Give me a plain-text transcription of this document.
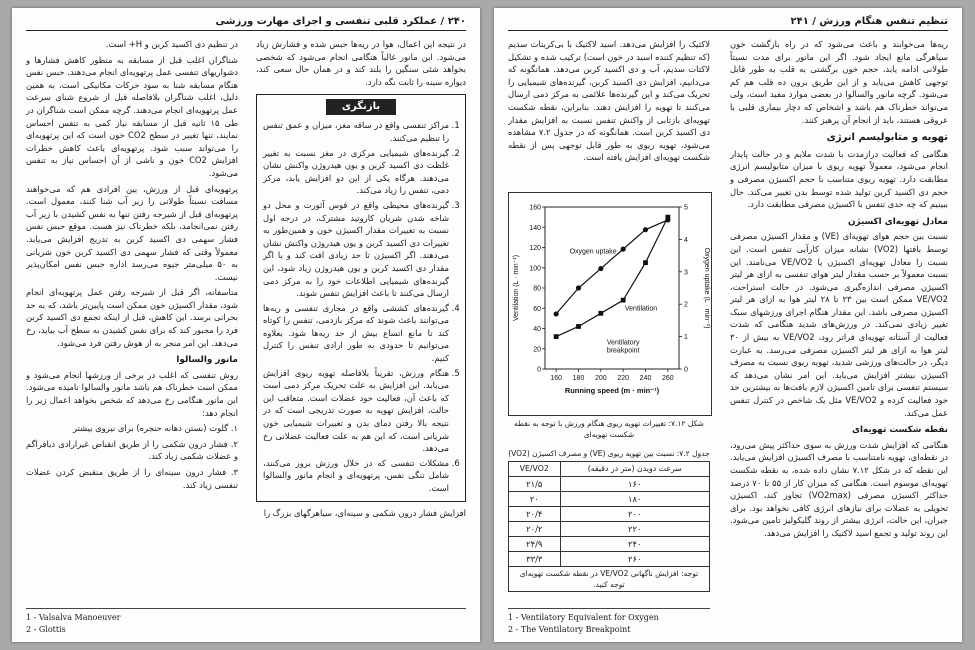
۲۴۰ / عملکرد قلبی تنفسی و اجرای مهارت ورزشی

در نتیجه این اعمال، هوا در ریه‌ها حبس شده و فشارش زیاد می‌شود. این مانور غالباً هنگامی انجام می‌شود که شخصی بخواهد شئی سنگین را بلند کند و در همان حال سعی کند، دیواره سینه را ثابت نگه دارد.

بازنگری
1. مراکز تنفسی واقع در ساقه مغز، میزان و عمق تنفس را تنظیم می‌کنند.
2. گیرنده‌های شیمیایی مرکزی در مغز نسبت به تغییر غلظت دی اکسید کربن و یون هیدروژن واکنش نشان می‌دهند. هرگاه یکی از این دو افزایش یابد، مرکز دمی، تنفس را زیاد می‌کند.
3. گیرنده‌های محیطی واقع در قوس آئورت و محل دو شاخه شدن شریان کاروتید مشترک، در درجه اول نسبت به تغییرات مقدار اکسیژن خون و همین‌طور به تغییرات دی اکسید کربن و یون هیدروژن واکنش نشان می‌دهند. اگر اکسیژن تا حد زیادی افت کند و یا اگر مقدار دی اکسید کربن و یون هیدروژن زیاد شود، این گیرنده‌های شیمیایی اطلاعات خود را به مرکز دمی ارسال می‌کنند تا باعث افزایش تنفس شوند.
4. گیرنده‌های کششی واقع در مجاری تنفسی و ریه‌ها می‌توانند باعث شوند که مرکز بازدمی، تنفس را کوتاه کند تا مانع اتساع بیش از حد ریه‌ها شود. بعلاوه می‌توانیم تا حدودی به طور ارادی تنفس را کنترل کنیم.
5. هنگام ورزش، تقریباً بلافاصله تهویه ریوی افزایش می‌یابد. این افزایش به علت تحریک مرکز دمی است که باعث آن، فعالیت خود عضلات است. متعاقب این حالت، افزایش تهویه به صورت تدریجی است که در نتیجه بالا رفتن دمای بدن و تغییرات شیمیایی خون شریانی است، که این هم به علت فعالیت عضلانی رخ می‌دهد.
6. مشکلات تنفسی که در خلال ورزش بروز می‌کنند، شامل تنگی نفس، پرتهویه‌ای و انجام مانور والسالوا است.

افزایش فشار درون شکمی و سینه‌ای، سیاهرگهای بزرگ را

در تنظیم دی اکسید کربن و H+ است.

شناگران اغلب قبل از مسابقه به منظور کاهش فشارها و دشواریهای تنفسی عمل پرتهویه‌ای انجام می‌دهند. حبس نفس هنگام مسابقه شنا به سود حرکات مکانیکی است، به همین دلیل، اغلب شناگران بلافاصله قبل از شروع شنای سرعت عمل پرتهویه‌ای انجام می‌دهند. گرچه ممکن است شناگران در طی ۱۵ ثانیه قبل از مسابقه نیاز کمی به تنفس احساس نمایند، تنها تغییر در سطح CO2 خون است که این پرتهویه‌ای را می‌تواند سبب شود. پرتهویه‌ای باعث کاهش خطرات افزایش CO2 خون و ناشی از آن احساس نیاز به تنفس می‌شود.

پرتهویه‌ای قبل از ورزش، بین افرادی هم که می‌خواهند مسافت نسبتاً طولانی را زیر آب شنا کنند، معمول است. پرتهویه‌ای قبل از شیرجه رفتن تنها به نفس کشیدن با زیر آب رفتن نمی‌انجامد، بلکه خطرناک نیز هست. موقع حبس نفس فشار سهمی دی اکسید کربن به تدریج افزایش می‌یابد. معمولاً وقتی که فشار سهمی دی اکسید کربن خون شریانی به ۵۰ میلی‌متر جیوه می‌رسد اداره حبس نفس امکان‌پذیر نیست.

متاسفانه، اگر قبل از شیرجه رفتن عمل پرتهویه‌ای انجام شود، مقدار اکسیژن خون ممکن است پایین‌تر باشد، که به حد بحرانی برسد. این کاهش، قبل از اینکه تجمع دی اکسید کربن فرد را مجبور کند که برای نفس کشیدن به سطح آب بیاید، رخ می‌دهد. این امر منجر به از هوش رفتن فرد می‌شود.

مانور والسالوا

روش تنفسی که اغلب در برخی از ورزشها انجام می‌شود و ممکن است خطرناک هم باشد مانور والسالوا نامیده می‌شود. این مانور هنگامی رخ می‌دهد که شخص بخواهد اعمال زیر را انجام دهد:

۱. گلوت (بستن دهانه حنجره) برای نیروی بیشتر

۲. فشار درون شکمی را از طریق انقباض غیرارادی دیافراگم و عضلات شکمی زیاد کند.

۳. فشار درون سینه‌ای را از طریق منقبض کردن عضلات تنفسی زیاد کند.

1 - Valsalva Manoeuver
2 - Glottis
تنظیم تنفس هنگام ورزش / ۲۴۱

ریه‌ها می‌خوابند و باعث می‌شود که در راه بازگشت خون سیاهرگی مانع ایجاد شود. اگر این مانور برای مدت نسبتاً طولانی ادامه یابد، حجم خون برگشتی به قلب به طور قابل توجهی کاهش می‌یابد و از این طریق برون ده قلب هم کم می‌شود. گرچه مانور والسالوا در بعضی موارد مفید است، ولی می‌تواند خطرناک هم باشد و اشخاص که دچار بیماری قلبی یا عروقی هستند، باید از انجام آن پرهیز کنند.

تهویه و متابولیسم انرژی

هنگامی که فعالیت درازمدت با شدت ملایم و در حالت پایدار انجام می‌شود، معمولاً تهویه ریوی با میزان متابولیسم انرژی مطابقت دارد. تهویه ریوی متناسب با حجم اکسیژن مصرفی و حجم دی اکسید کربن تولید شده توسط بدن تغییر می‌کند. حال ببینیم که چه حدی تنفس با اکسیژن مصرفی مطابقت دارد.

معادل تهویه‌ای اکسیژن

نسبت بین حجم هوای تهویه‌ای (VE) و مقدار اکسیژن مصرفی توسط بافتها (VO2) نشانه میزان کارآیی تنفس است. این نسبت را معادل تهویه‌ای اکسیژن یا VE/VO2 می‌نامند. این نسبت معمولاً بر حسب مقدار لیتر هوای تنفسی به ازای هر لیتر اکسیژن مصرفی اندازه‌گیری می‌شود. در حالت استراحت، VE/VO2 ممکن است بین ۲۳ تا ۲۸ لیتر هوا به ازای هر لیتر اکسیژن مصرفی باشد. این مقدار هنگام اجرای ورزشهای سبک تغییر زیادی نمی‌کند. در ورزش‌های شدید هنگامی که شدت فعالیت از آستانه تهویه‌ای فراتر رود، VE/VO2 به بیش از ۳۰ لیتر هوا به ازای هر لیتر اکسیژن مصرفی می‌رسد. به عبارت دیگر، در حالت‌های ورزشی شدید، تهویه ریوی نسبت به مصرف اکسیژن بیشتر افزایش می‌یابد. این امر نشان می‌دهد که سیستم تنفسی برای تامین اکسیژن لازم بافت‌ها به بیشترین حد خود فعالیت کرده و VE/VO2 مثل یک شاخص در کنترل تنفس عمل می‌کند.

نقطه شکست تهویه‌ای

هنگامی که افزایش شدت ورزش به سوی حداکثر پیش می‌رود، در نقطه‌ای، تهویه نامتناسب با مصرف اکسیژن افزایش می‌یابد. این نقطه که در شکل ۷.۱۲ نشان داده شده، به نقطه شکست تهویه‌ای موسوم است. هنگامی که میزان کار از ۵۵ تا ۷۰ درصد حداکثر اکسیژن مصرفی (VO2max) تجاوز کند، اکسیژن تحویلی به عضلات برای نیازهای انرژی کافی نخواهد بود. برای جبران، این حالت، انرژی بیشتر از روند گلیکولیز تامین می‌شود. این روند تولید و تجمع اسید لاکتیک را افزایش می‌دهد.

لاکتیک را افزایش می‌دهد. اسید لاکتیک با بی‌کربنات سدیم (که تنظیم کننده اسید در خون است) ترکیب شده و تشکیل لاکتات سدیم، آب و دی اکسید کربن می‌دهد. همانگونه که می‌دانیم، افزایش دی اکسید کربن، گیرنده‌های شیمیایی را تحریک می‌کند و این گیرنده‌ها علائمی به مرکز دمی ارسال می‌کنند تا تهویه را افزایش دهند. بنابراین، نقطه شکست تهویه‌ای بازتابی از واکنش تنفس نسبت به افزایش مقدار دی اکسید کربن است. همانگونه که در جدول ۷.۲ مشاهده می‌شود، تهویه ریوی به طور قابل توجهی پس از نقطه شکست تهویه‌ای افزایش یافته است.

0
20
40
60
80
100
120
140
160
0
1
2
3
4
5
160 180 200 220 240 260
Running speed (m · min⁻¹)
Ventilation (L · min⁻¹)	Oxygen uptake (L · min⁻¹)
Oxygen uptake
Ventilation
Ventilatory
breakpoint
شکل ۷.۱۲: تغییرات تهویه ریوی هنگام ورزش با توجه به نقطه شکست تهویه‌ای
جدول ۷.۲: نسبت بین تهویه ریوی (VE) و مصرف اکسیژن (VO2)
سرعت دویدن (متر در دقیقه)	VE/VO2
۱۶۰	۲۱/۵
۱۸۰	۲۰
۲۰۰	۲۰/۴
۲۲۰	۲۰/۲
۲۴۰	۲۴/۹
۲۶۰	۳۳/۳
توجه: افزایش ناگهانی VE/VO2 در نقطه شکست تهویه‌ای توجه کنید.
1 - Ventilatory Equivalent for Oxygen
2 - The Ventilatory Breakpoint
